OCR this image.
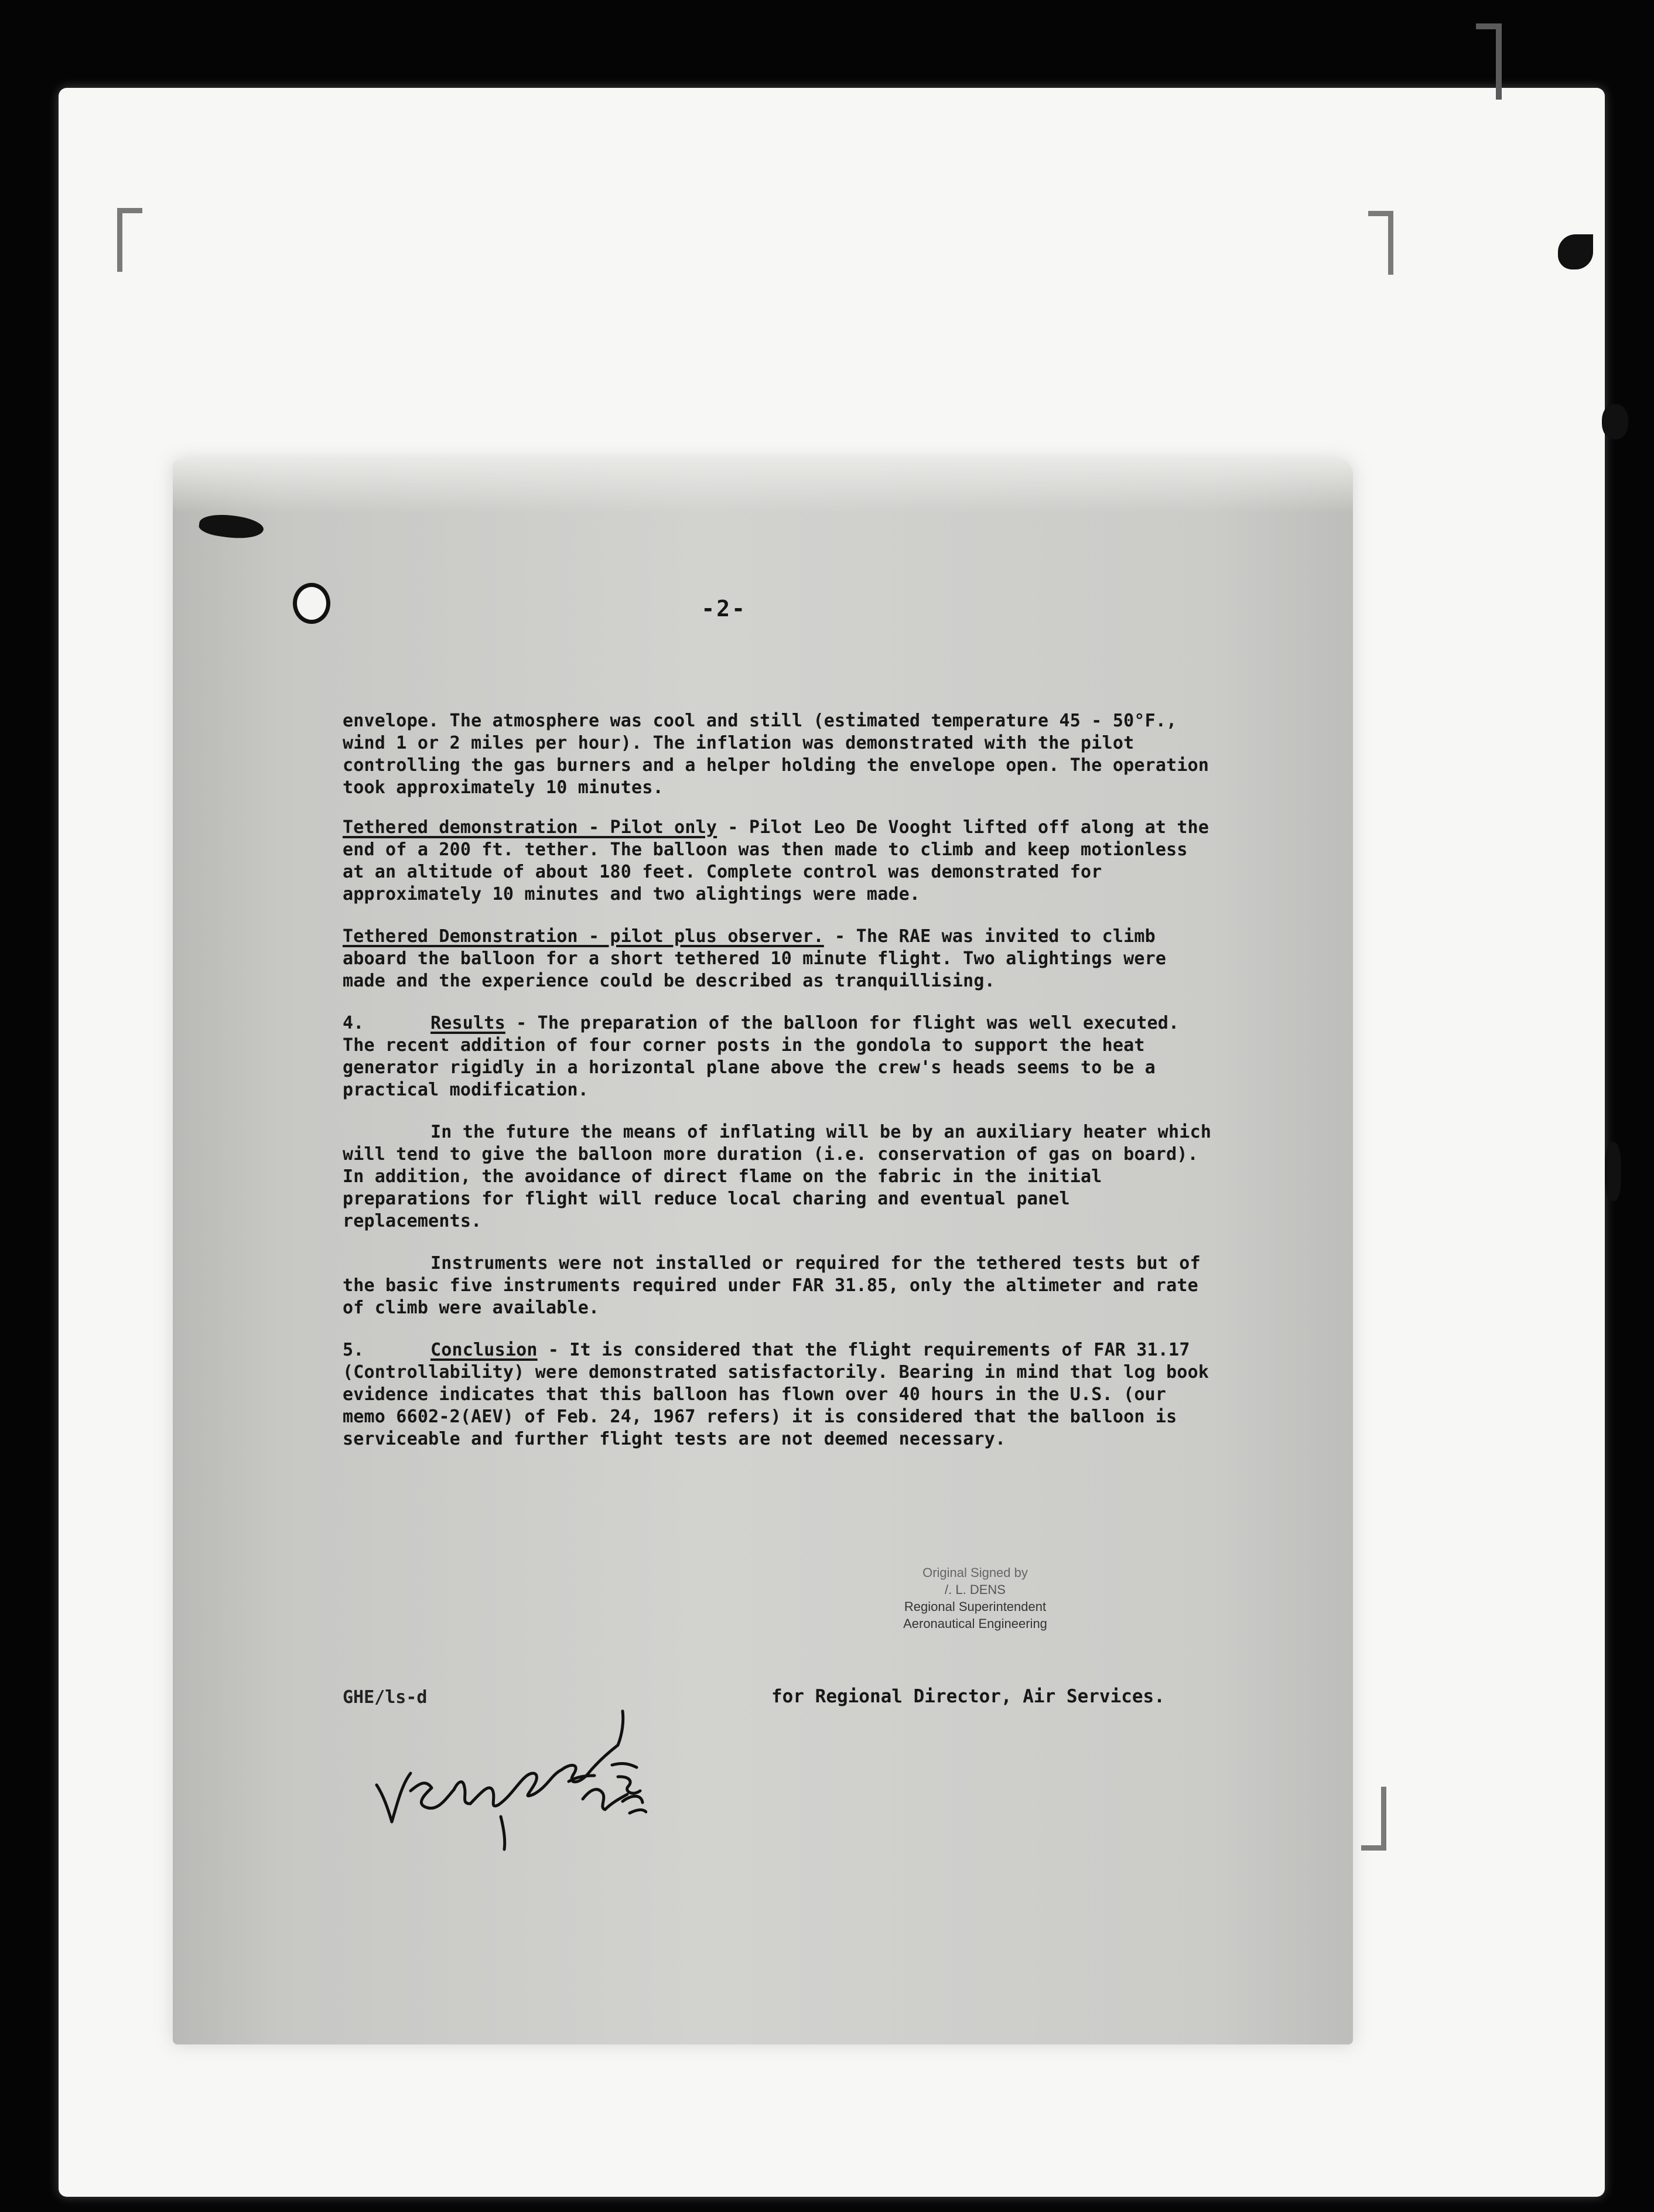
-2-

envelope. The atmosphere was cool and still (estimated temperature 45 - 50°F., wind 1 or 2 miles per hour). The inflation was demonstrated with the pilot controlling the gas burners and a helper holding the envelope open. The operation took approximately 10 minutes.

Tethered demonstration - Pilot only - Pilot Leo De Vooght lifted off along at the end of a 200 ft. tether. The balloon was then made to climb and keep motionless at an altitude of about 180 feet. Complete control was demonstrated for approximately 10 minutes and two alightings were made.

Tethered Demonstration - pilot plus observer. - The RAE was invited to climb aboard the balloon for a short tethered 10 minute flight. Two alightings were made and the experience could be described as tranquillising.

4.	Results - The preparation of the balloon for flight was well executed. The recent addition of four corner posts in the gondola to support the heat generator rigidly in a horizontal plane above the crew's heads seems to be a practical modification.

In the future the means of inflating will be by an auxiliary heater which will tend to give the balloon more duration (i.e. conservation of gas on board). In addition, the avoidance of direct flame on the fabric in the initial preparations for flight will reduce local charing and eventual panel replacements.

Instruments were not installed or required for the tethered tests but of the basic five instruments required under FAR 31.85, only the altimeter and rate of climb were available.

5.	Conclusion - It is considered that the flight requirements of FAR 31.17 (Controllability) were demonstrated satisfactorily. Bearing in mind that log book evidence indicates that this balloon has flown over 40 hours in the U.S. (our memo 6602-2(AEV) of Feb. 24, 1967 refers) it is considered that the balloon is serviceable and further flight tests are not deemed necessary.

Original Signed by
/. L. DENS
Regional Superintendent
Aeronautical Engineering
GHE/ls-d	for Regional Director, Air Services.
